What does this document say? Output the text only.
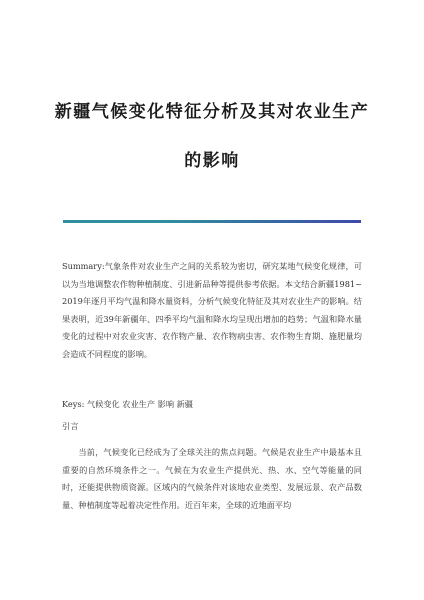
新疆气候变化特征分析及其对农业生产
的影响
Summary:气象条件对农业生产之间的关系较为密切，研究某地气候变化规律，可以为当地调整农作物种植制度、引进新品种等提供参考依据。本文结合新疆1981~2019年逐月平均气温和降水量资料，分析气候变化特征及其对农业生产的影响。结果表明，近39年新疆年、四季平均气温和降水均呈现出增加的趋势；气温和降水量变化的过程中对农业灾害、农作物产量、农作物病虫害、农作物生育期、施肥量均会造成不同程度的影响。
Keys: 气候变化 农业生产 影响 新疆
引言
当前，气候变化已经成为了全球关注的焦点问题。气候是农业生产中最基本且重要的自然环境条件之一。气候在为农业生产提供光、热、水、空气等能量的同时，还能提供物质资源。区域内的气候条件对该地农业类型、发展远景、农产品数量、种植制度等起着决定性作用。近百年来，全球的近地面平均
